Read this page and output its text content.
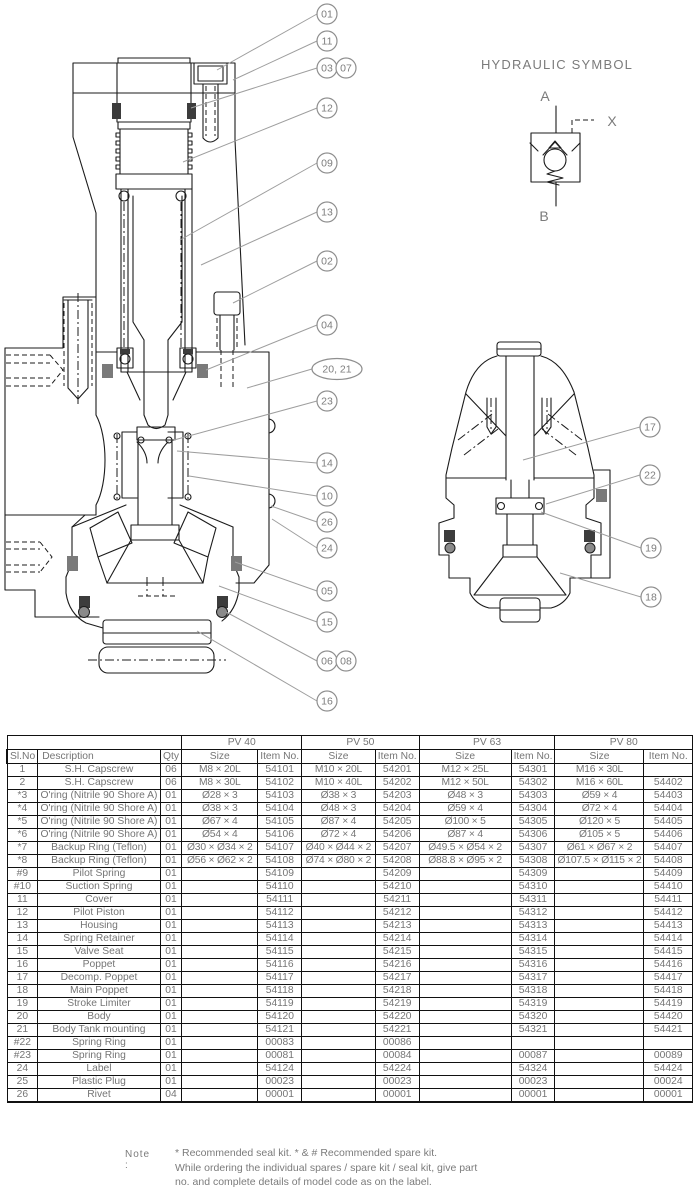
HYDRAULIC SYMBOL
A
B
X
01
11
03 07
12
09
13
02
04
20, 21
23
14
10
26
24
05
15
06 08
16
17
22
19
18
			PV 40		PV 50		PV 63		PV 80	
Sl.No	Description	Qty	Size	Item No.	Size	Item No.	Size	Item No.	Size	Item No.
1	S.H. Capscrew	06	M8 × 20L	54101	M10 × 20L	54201	M12 × 25L	54301	M16 × 30L	
2	S.H. Capscrew	06	M8 × 30L	54102	M10 × 40L	54202	M12 × 50L	54302	M16 × 60L	54402
*3	O'ring (Nitrile 90 Shore A)	01	Ø28 × 3	54103	Ø38 × 3	54203	Ø48 × 3	54303	Ø59 × 4	54403
*4	O'ring (Nitrile 90 Shore A)	01	Ø38 × 3	54104	Ø48 × 3	54204	Ø59 × 4	54304	Ø72 × 4	54404
*5	O'ring (Nitrile 90 Shore A)	01	Ø67 × 4	54105	Ø87 × 4	54205	Ø100 × 5	54305	Ø120 × 5	54405
*6	O'ring (Nitrile 90 Shore A)	01	Ø54 × 4	54106	Ø72 × 4	54206	Ø87 × 4	54306	Ø105 × 5	54406
*7	Backup Ring (Teflon)	01	Ø30 × Ø34 × 2	54107	Ø40 × Ø44 × 2	54207	Ø49.5 × Ø54 × 2	54307	Ø61 × Ø67 × 2	54407
*8	Backup Ring (Teflon)	01	Ø56 × Ø62 × 2	54108	Ø74 × Ø80 × 2	54208	Ø88.8 × Ø95 × 2	54308	Ø107.5 × Ø115 × 2	54408
#9	Pilot Spring	01		54109		54209		54309		54409
#10	Suction Spring	01		54110		54210		54310		54410
11	Cover	01		54111		54211		54311		54411
12	Pilot Piston	01		54112		54212		54312		54412
13	Housing	01		54113		54213		54313		54413
14	Spring Retainer	01		54114		54214		54314		54414
15	Valve Seat	01		54115		54215		54315		54415
16	Poppet	01		54116		54216		54316		54416
17	Decomp. Poppet	01		54117		54217		54317		54417
18	Main Poppet	01		54118		54218		54318		54418
19	Stroke Limiter	01		54119		54219		54319		54419
20	Body	01		54120		54220		54320		54420
21	Body Tank mounting	01		54121		54221		54321		54421
#22	Spring Ring	01		00083		00086				
#23	Spring Ring	01		00081		00084		00087		00089
24	Label	01		54124		54224		54324		54424
25	Plastic Plug	01		00023		00023		00023		00024
26	Rivet	04		00001		00001		00001		00001
Note :
* Recommended seal kit. * & # Recommended spare kit.
While ordering the individual spares / spare kit / seal kit, give part
no. and complete details of model code as on the label.
